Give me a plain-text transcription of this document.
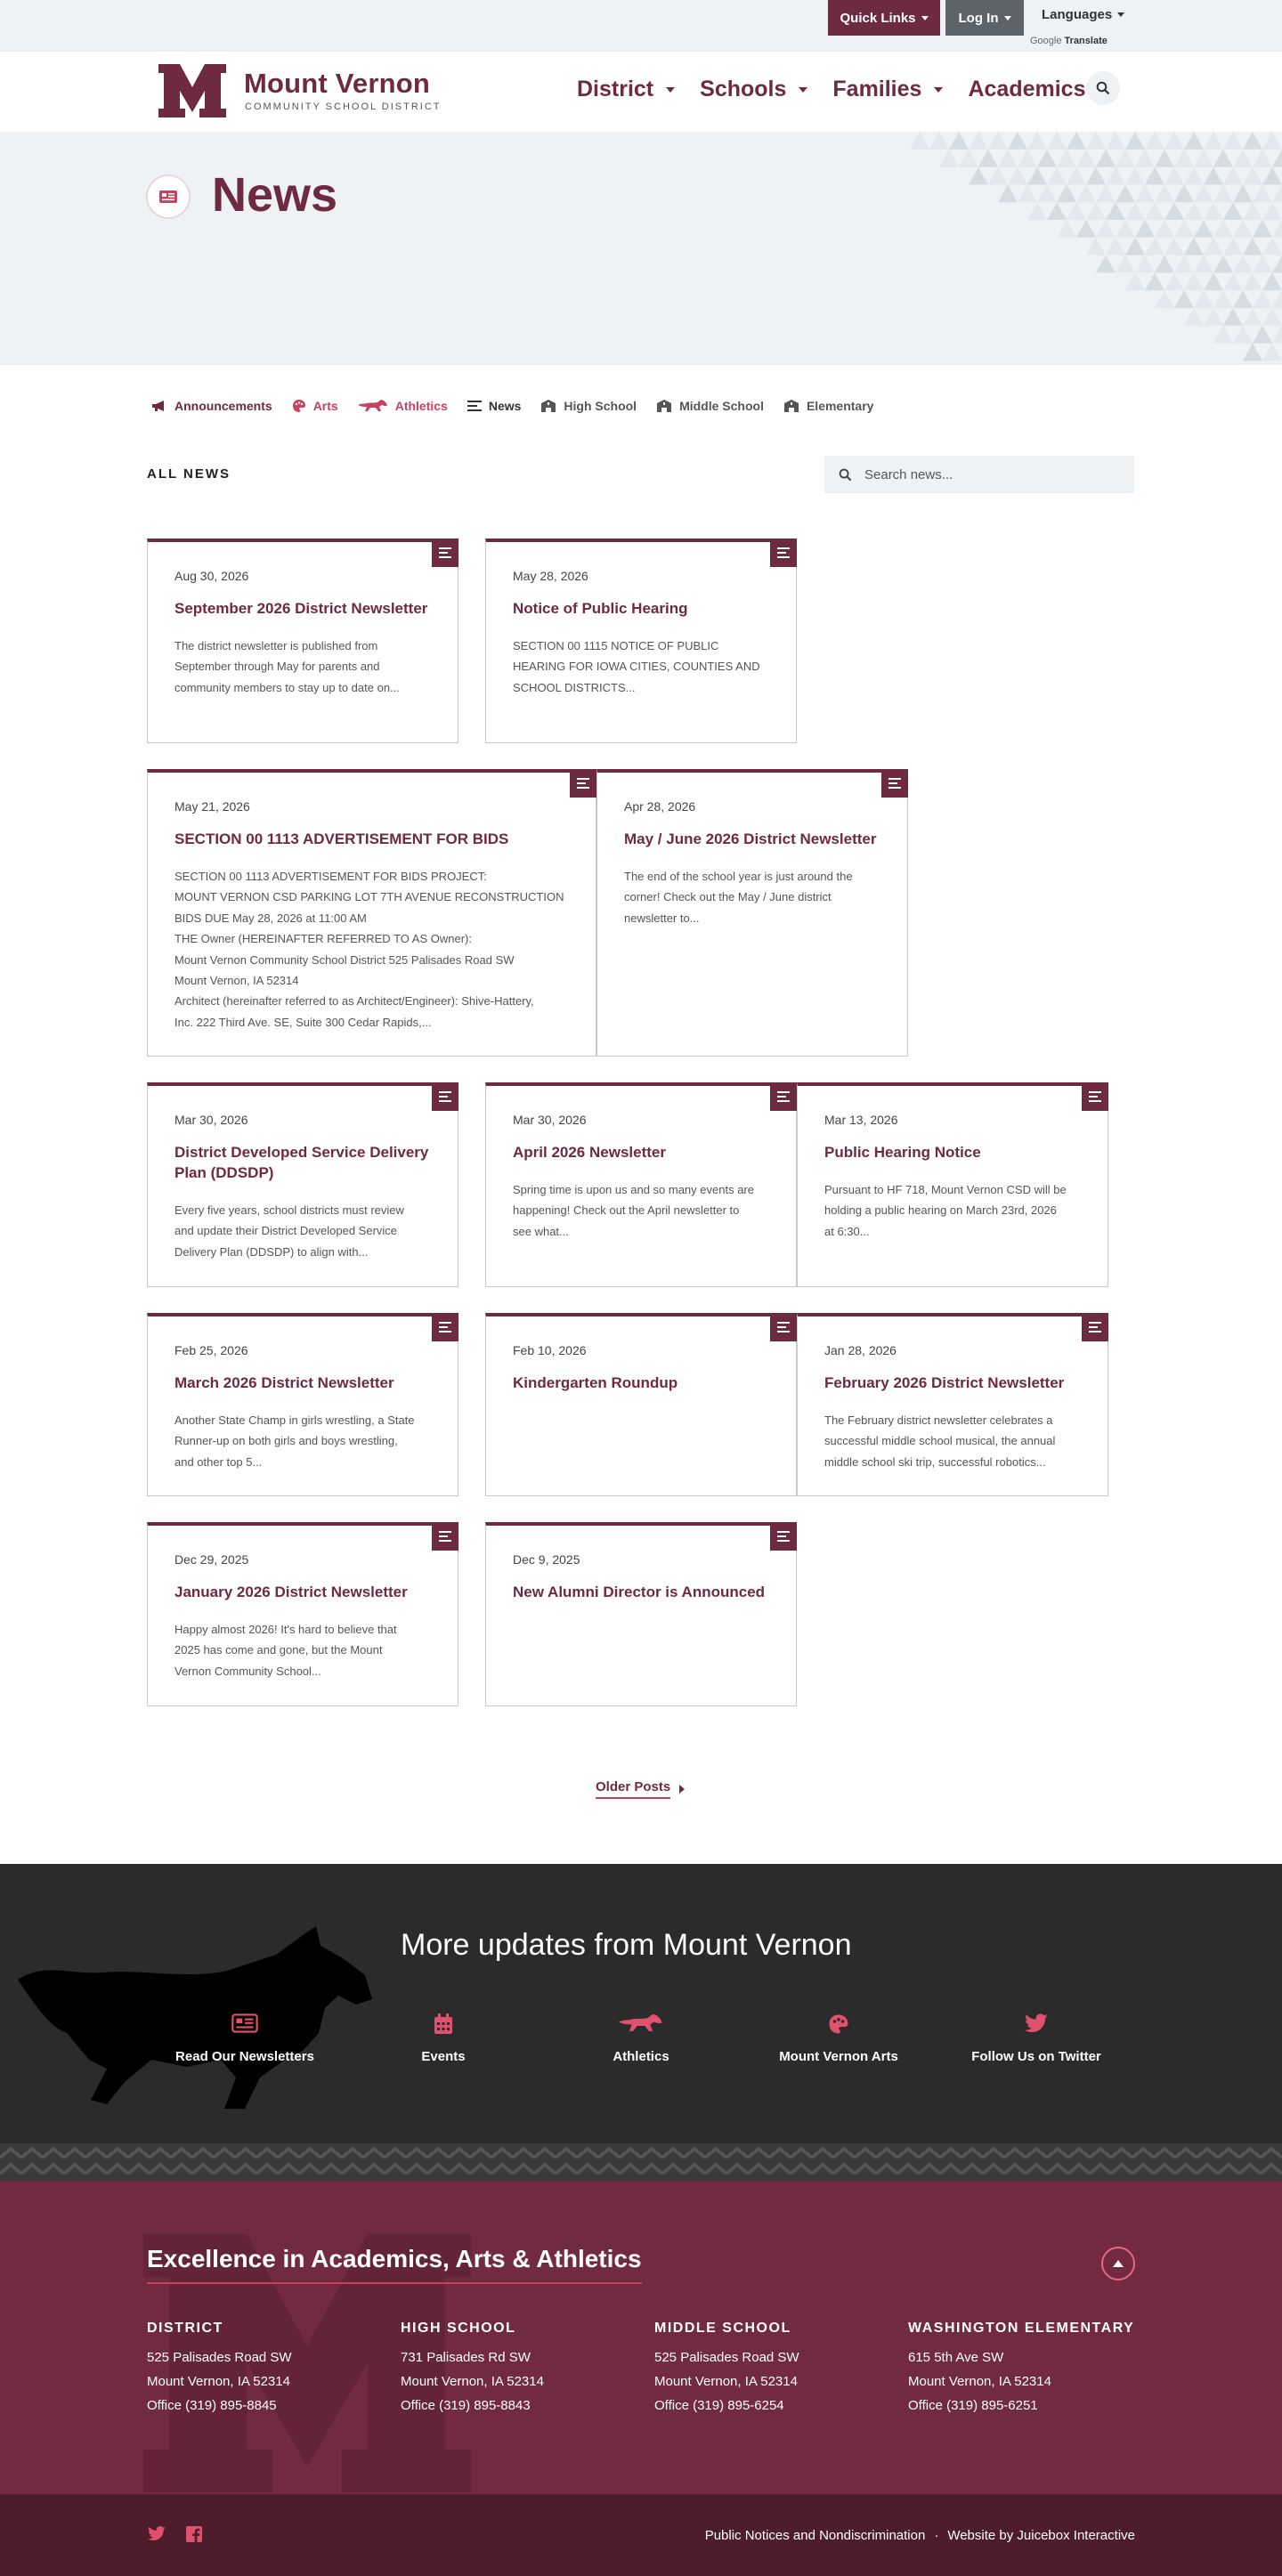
Quick Links	Log In	Languages
Google Translate
Mount Vernon
COMMUNITY SCHOOL DISTRICT
District Schools Families Academics
News
Announcements	Arts	Athletics	News	High School	Middle School	Elementary
ALL NEWS	Search news...
Aug 30, 2026
September 2026 District Newsletter
The district newsletter is published from
September through May for parents and
community members to stay up to date on...
May 28, 2026
Notice of Public Hearing
SECTION 00 1115 NOTICE OF PUBLIC
HEARING FOR IOWA CITIES, COUNTIES AND
SCHOOL DISTRICTS...
May 21, 2026
SECTION 00 1113 ADVERTISEMENT FOR BIDS
SECTION 00 1113 ADVERTISEMENT FOR BIDS PROJECT:
MOUNT VERNON CSD PARKING LOT 7TH AVENUE RECONSTRUCTION
BIDS DUE May 28, 2026 at 11:00 AM
THE Owner (HEREINAFTER REFERRED TO AS Owner):
Mount Vernon Community School District 525 Palisades Road SW
Mount Vernon, IA 52314
Architect (hereinafter referred to as Architect/Engineer): Shive-Hattery,
Inc. 222 Third Ave. SE, Suite 300 Cedar Rapids,...
Apr 28, 2026
May / June 2026 District Newsletter
The end of the school year is just around the
corner! Check out the May / June district
newsletter to...
Mar 30, 2026
District Developed Service Delivery Plan (DDSDP)
Every five years, school districts must review
and update their District Developed Service
Delivery Plan (DDSDP) to align with...
Mar 30, 2026
April 2026 Newsletter
Spring time is upon us and so many events are
happening! Check out the April newsletter to
see what...
Mar 13, 2026
Public Hearing Notice
Pursuant to HF 718, Mount Vernon CSD will be
holding a public hearing on March 23rd, 2026
at 6:30...
Feb 25, 2026
March 2026 District Newsletter
Another State Champ in girls wrestling, a State
Runner-up on both girls and boys wrestling,
and other top 5...
Feb 10, 2026
Kindergarten Roundup
Jan 28, 2026
February 2026 District Newsletter
The February district newsletter celebrates a
successful middle school musical, the annual
middle school ski trip, successful robotics...
Dec 29, 2025
January 2026 District Newsletter
Happy almost 2026! It's hard to believe that
2025 has come and gone, but the Mount
Vernon Community School...
Dec 9, 2025
New Alumni Director is Announced
Older Posts
More updates from Mount Vernon
Read Our Newsletters	Events	Athletics	Mount Vernon Arts	Follow Us on Twitter
Excellence in Academics, Arts & Athletics
DISTRICT
525 Palisades Road SW
Mount Vernon, IA 52314
Office (319) 895-8845
HIGH SCHOOL
731 Palisades Rd SW
Mount Vernon, IA 52314
Office (319) 895-8843
MIDDLE SCHOOL
525 Palisades Road SW
Mount Vernon, IA 52314
Office (319) 895-6254
WASHINGTON ELEMENTARY
615 5th Ave SW
Mount Vernon, IA 52314
Office (319) 895-6251
Public Notices and Nondiscrimination · Website by Juicebox Interactive
